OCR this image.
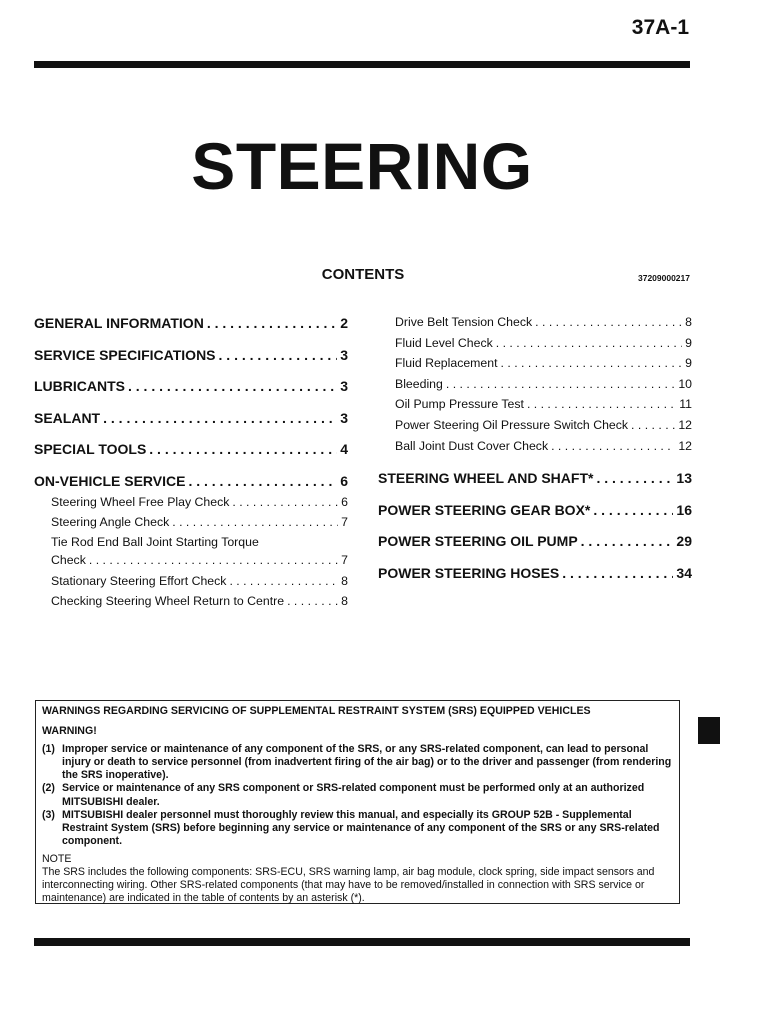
37A-1
STEERING
CONTENTS	37209000217
GENERAL INFORMATION . . .	2
SERVICE SPECIFICATIONS . . .	3
LUBRICANTS . . .	3
SEALANT . . .	3
SPECIAL TOOLS . . .	4
ON-VEHICLE SERVICE . . .	6
Steering Wheel Free Play Check . . .	6
Steering Angle Check . . .	7
Tie Rod End Ball Joint Starting Torque
Check . . .	7
Stationary Steering Effort Check . . .	8
Checking Steering Wheel Return to Centre . . .	8
Drive Belt Tension Check . . .	8
Fluid Level Check . . .	9
Fluid Replacement . . .	9
Bleeding . . .	10
Oil Pump Pressure Test . . .	11
Power Steering Oil Pressure Switch Check . . .	12
Ball Joint Dust Cover Check . . .	12
STEERING WHEEL AND SHAFT* . . .	13
POWER STEERING GEAR BOX* . . .	16
POWER STEERING OIL PUMP . . .	29
POWER STEERING HOSES . . .	34
WARNINGS REGARDING SERVICING OF SUPPLEMENTAL RESTRAINT SYSTEM (SRS) EQUIPPED VEHICLES
WARNING!
(1) Improper service or maintenance of any component of the SRS, or any SRS-related component, can lead to personal injury or death to service personnel (from inadvertent firing of the air bag) or to the driver and passenger (from rendering the SRS inoperative).
(2) Service or maintenance of any SRS component or SRS-related component must be performed only at an authorized MITSUBISHI dealer.
(3) MITSUBISHI dealer personnel must thoroughly review this manual, and especially its GROUP 52B - Supplemental Restraint System (SRS) before beginning any service or maintenance of any component of the SRS or any SRS-related component.
NOTE
The SRS includes the following components: SRS-ECU, SRS warning lamp, air bag module, clock spring, side impact sensors and interconnecting wiring. Other SRS-related components (that may have to be removed/installed in connection with SRS service or maintenance) are indicated in the table of contents by an asterisk (*).
